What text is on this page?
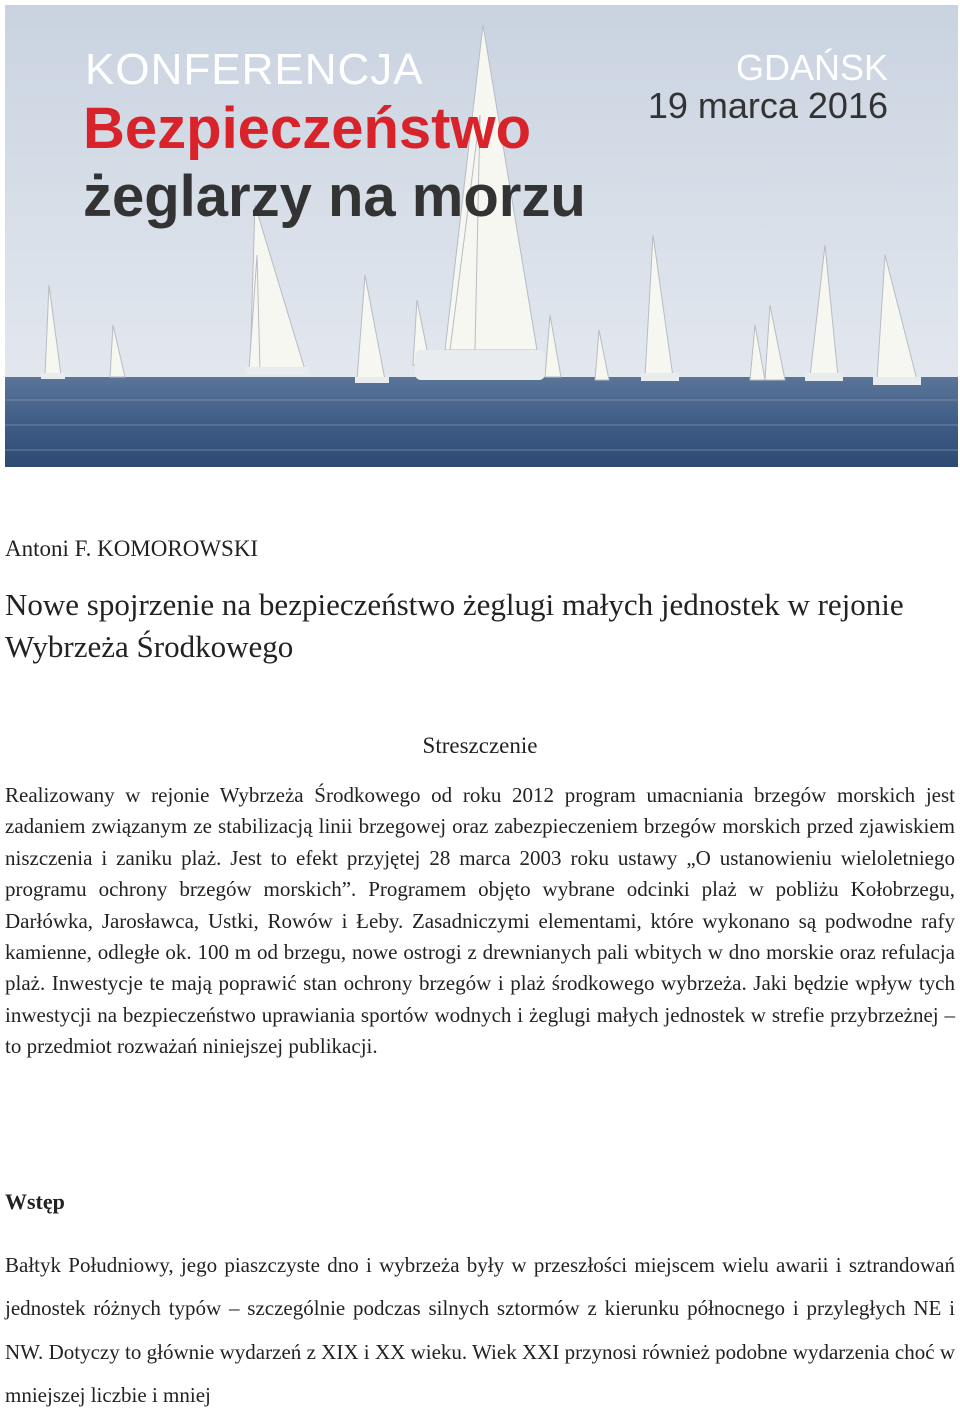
KONFERENCJA
Bezpieczeństwo
żeglarzy na morzu
GDAŃSK
19 marca 2016
Antoni F. KOMOROWSKI
Nowe spojrzenie na bezpieczeństwo żeglugi małych jednostek w rejonie Wybrzeża Środkowego
Streszczenie

Realizowany w rejonie Wybrzeża Środkowego od roku 2012 program umacniania brzegów morskich jest zadaniem związanym ze stabilizacją linii brzegowej oraz zabezpieczeniem brzegów morskich przed zjawiskiem niszczenia i zaniku plaż. Jest to efekt przyjętej 28 marca 2003 roku ustawy „O ustanowieniu wieloletniego programu ochrony brzegów morskich”. Programem objęto wybrane odcinki plaż w pobliżu Kołobrzegu, Darłówka, Jarosławca, Ustki, Rowów i Łeby. Zasadniczymi elementami, które wykonano są podwodne rafy kamienne, odległe ok. 100 m od brzegu, nowe ostrogi z drewnianych pali wbitych w dno morskie oraz refulacja plaż. Inwestycje te mają poprawić stan ochrony brzegów i plaż środkowego wybrzeża. Jaki będzie wpływ tych inwestycji na bezpieczeństwo uprawiania sportów wodnych i żeglugi małych jednostek w strefie przybrzeżnej – to przedmiot rozważań niniejszej publikacji.

Wstęp

Bałtyk Południowy, jego piaszczyste dno i wybrzeża były w przeszłości miejscem wielu awarii i sztrandowań jednostek różnych typów – szczególnie podczas silnych sztormów z kierunku północnego i przyległych NE i NW. Dotyczy to głównie wydarzeń z XIX i XX wieku. Wiek XXI przynosi również podobne wydarzenia choć w mniejszej liczbie i mniej
